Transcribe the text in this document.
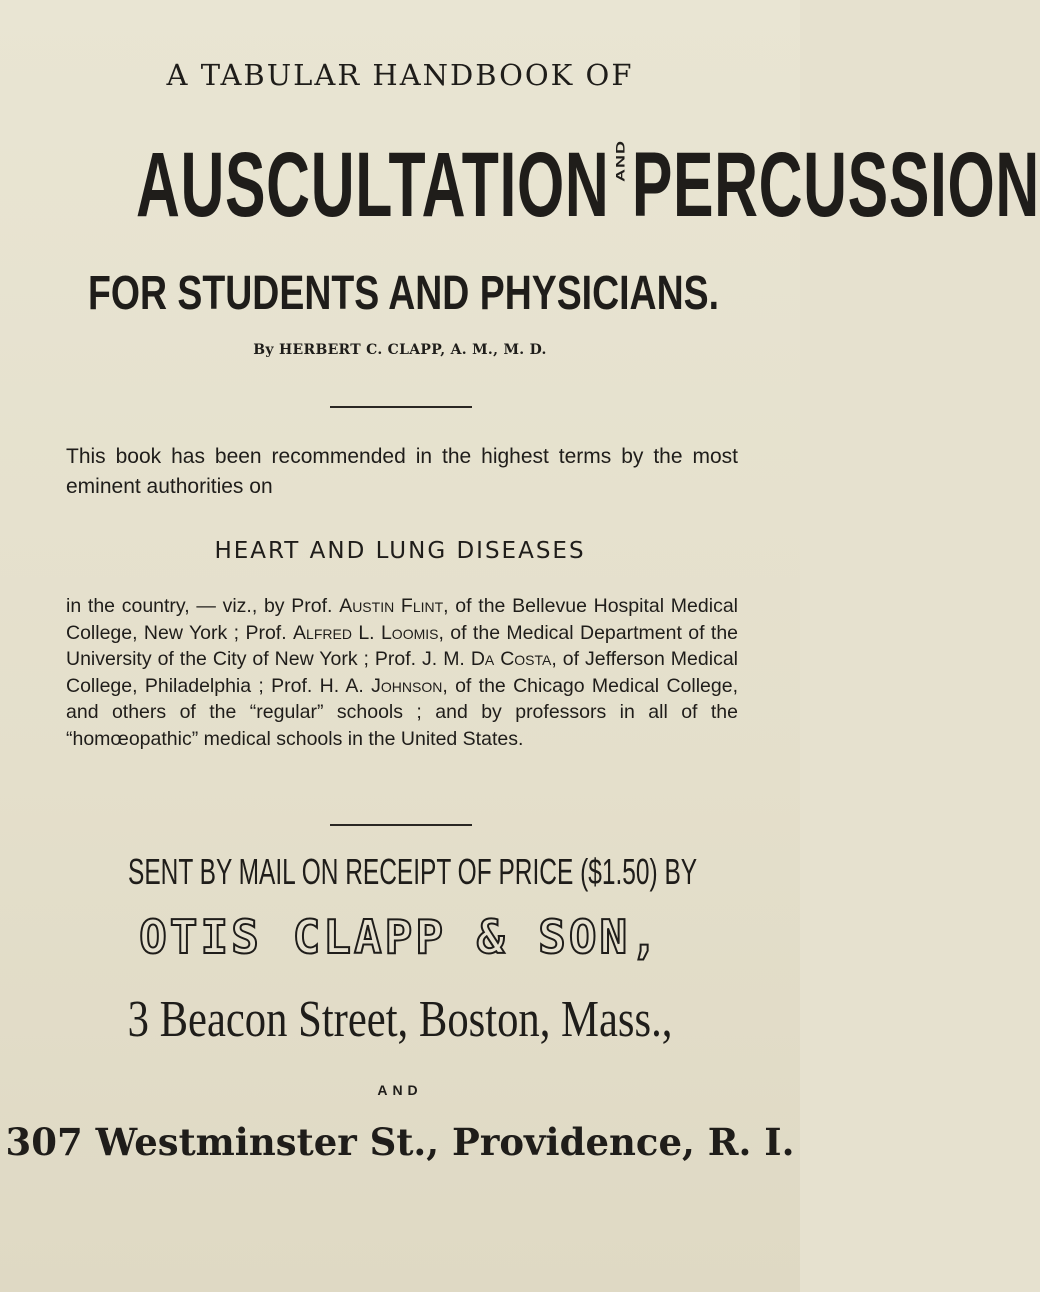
A TABULAR HANDBOOK OF
AUSCULTATION ANDPERCUSSION
FOR STUDENTS AND PHYSICIANS.
By HERBERT C. CLAPP, A. M., M. D.
This book has been recommended in the highest terms by the most eminent authorities on
HEART AND LUNG DISEASES
in the country, — viz., by Prof. Austin Flint, of the Bellevue Hospital Medical College, New York ; Prof. Alfred L. Loomis, of the Medical Department of the University of the City of New York ; Prof. J. M. Da Costa, of Jefferson Medical College, Philadelphia ; Prof. H. A. Johnson, of the Chicago Medical College, and others of the “regular” schools ; and by professors in all of the “homœopathic” medical schools in the United States.
SENT BY MAIL ON RECEIPT OF PRICE ($1.50) BY
OTIS CLAPP & SON,
3 Beacon Street, Boston, Mass.,
AND
307 Westminster St., Providence, R. I.
